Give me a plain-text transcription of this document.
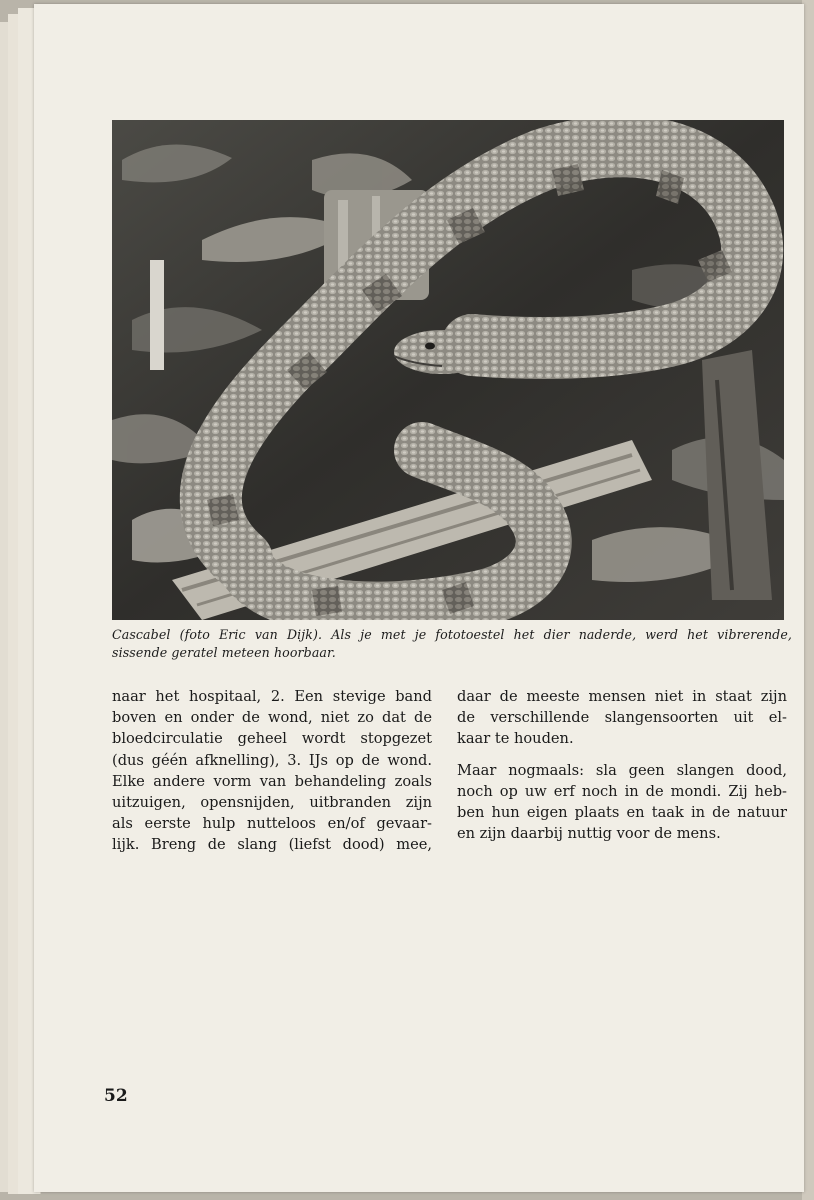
Cascabel (foto Eric van Dijk). Als je met je fototoestel het dier naderde, werd het vibrerende,
sissende geratel meteen hoorbaar.

naar het hospitaal, 2. Een stevige band
boven en onder de wond, niet zo dat de
bloedcirculatie geheel wordt stopgezet
(dus géén afknelling), 3. IJs op de wond.
Elke andere vorm van behandeling zoals
uitzuigen, opensnijden, uitbranden zijn
als eerste hulp nutteloos en/of gevaar-
lijk. Breng de slang (liefst dood) mee,

daar de meeste mensen niet in staat zijn
de verschillende slangensoorten uit el-
kaar te houden.

Maar nogmaals: sla geen slangen dood,
noch op uw erf noch in de mondi. Zij heb-
ben hun eigen plaats en taak in de natuur
en zijn daarbij nuttig voor de mens.

52
